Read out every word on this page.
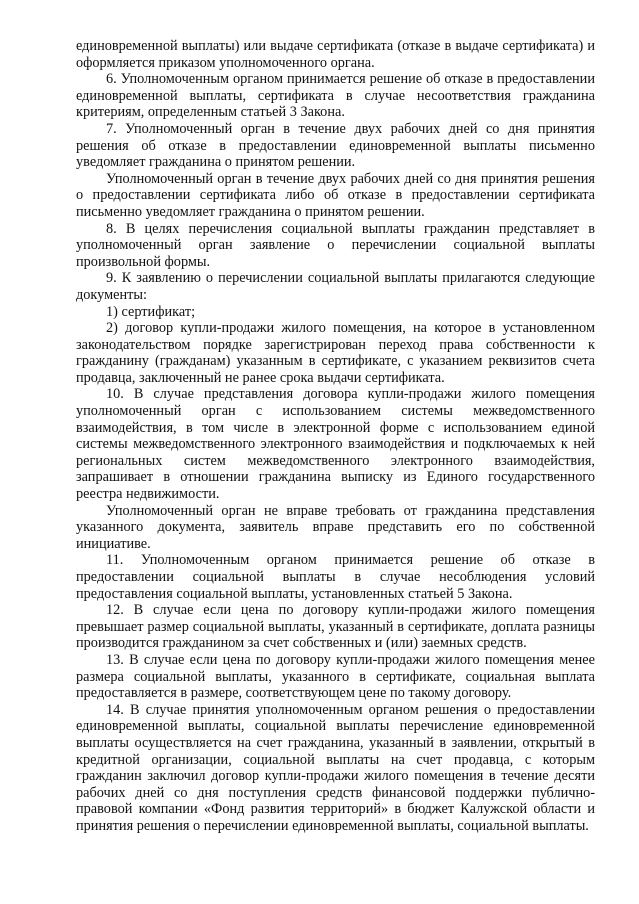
единовременной выплаты) или выдаче сертификата (отказе в выдаче сертификата) и оформляется приказом уполномоченного органа.

6. Уполномоченным органом принимается решение об отказе в предоставлении единовременной выплаты, сертификата в случае несоответствия гражданина критериям, определенным статьей 3 Закона.

7. Уполномоченный орган в течение двух рабочих дней со дня принятия решения об отказе в предоставлении единовременной выплаты письменно уведомляет гражданина о принятом решении.

Уполномоченный орган в течение двух рабочих дней со дня принятия решения о предоставлении сертификата либо об отказе в предоставлении сертификата письменно уведомляет гражданина о принятом решении.

8. В целях перечисления социальной выплаты гражданин представляет в уполномоченный орган заявление о перечислении социальной выплаты произвольной формы.

9. К заявлению о перечислении социальной выплаты прилагаются следующие документы:

1) сертификат;

2) договор купли-продажи жилого помещения, на которое в установленном законодательством порядке зарегистрирован переход права собственности к гражданину (гражданам) указанным в сертификате, с указанием реквизитов счета продавца, заключенный не ранее срока выдачи сертификата.

10. В случае представления договора купли-продажи жилого помещения уполномоченный орган с использованием системы межведомственного взаимодействия, в том числе в электронной форме с использованием единой системы межведомственного электронного взаимодействия и подключаемых к ней региональных систем межведомственного электронного взаимодействия, запрашивает в отношении гражданина выписку из Единого государственного реестра недвижимости.

Уполномоченный орган не вправе требовать от гражданина представления указанного документа, заявитель вправе представить его по собственной инициативе.

11. Уполномоченным органом принимается решение об отказе в предоставлении социальной выплаты в случае несоблюдения условий предоставления социальной выплаты, установленных статьей 5 Закона.

12. В случае если цена по договору купли-продажи жилого помещения превышает размер социальной выплаты, указанный в сертификате, доплата разницы производится гражданином за счет собственных и (или) заемных средств.

13. В случае если цена по договору купли-продажи жилого помещения менее размера социальной выплаты, указанного в сертификате, социальная выплата предоставляется в размере, соответствующем цене по такому договору.

14. В случае принятия уполномоченным органом решения о предоставлении единовременной выплаты, социальной выплаты перечисление единовременной выплаты осуществляется на счет гражданина, указанный в заявлении, открытый в кредитной организации, социальной выплаты на счет продавца, с которым гражданин заключил договор купли-продажи жилого помещения в течение десяти рабочих дней со дня поступления средств финансовой поддержки публично-правовой компании «Фонд развития территорий» в бюджет Калужской области и принятия решения о перечислении единовременной выплаты, социальной выплаты.
